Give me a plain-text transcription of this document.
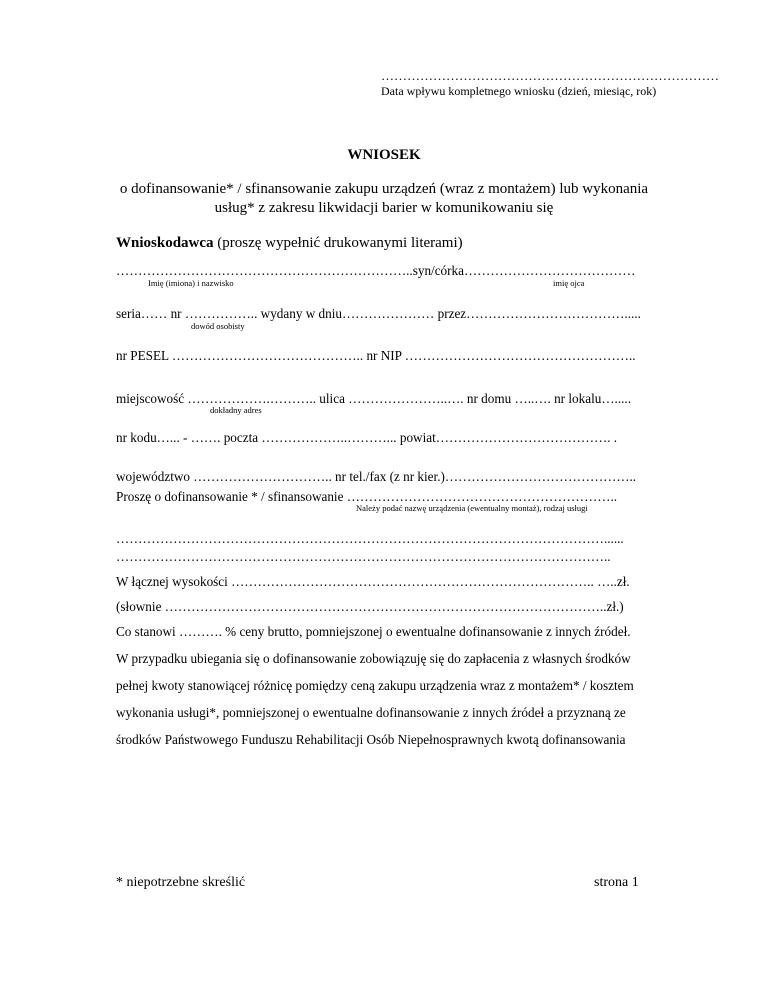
……………………………………………………………………
Data wpływu kompletnego wniosku (dzień, miesiąc, rok)
WNIOSEK
o dofinansowanie* / sfinansowanie zakupu urządzeń (wraz z montażem) lub wykonania
usług* z zakresu likwidacji barier w komunikowaniu się
Wnioskodawca (proszę wypełnić drukowanymi literami)
…………………………………………………………..syn/córka…………………………………
Imię (imiona) i nazwisko	imię ojca
seria…… nr …………….. wydany w dniu………………… przez……………………………….....
dowód osobisty
nr PESEL …………………………………….. nr NIP ……………………………………………..
miejscowość ……………….……….. ulica …………………..…. nr domu …..…. nr lokalu….....
dokładny adres
nr kodu…... - ……. poczta ………………..………... powiat…………………………………. .
województwo ………………………….. nr tel./fax (z nr kier.)……………………………………..
Proszę o dofinansowanie * / sfinansowanie ……………………………………………………..
Należy podać nazwę urządzenia (ewentualny montaż), rodzaj usługi
…………………………………………………………………………………………………......
…………………………………………………………………………………………………..
W łącznej wysokości ……………………………………………………………………….. …..zł.
(słownie ………………………………………………………………………………………..zł.)
Co stanowi ………. % ceny brutto, pomniejszonej o ewentualne dofinansowanie z innych źródeł.
W przypadku ubiegania się o dofinansowanie zobowiązuję się do zapłacenia z własnych środków
pełnej kwoty stanowiącej różnicę pomiędzy ceną zakupu urządzenia wraz z montażem* / kosztem
wykonania usługi*, pomniejszonej o ewentualne dofinansowanie z innych źródeł a przyznaną ze
środków Państwowego Funduszu Rehabilitacji Osób Niepełnosprawnych kwotą dofinansowania
* niepotrzebne skreślić	strona 1
